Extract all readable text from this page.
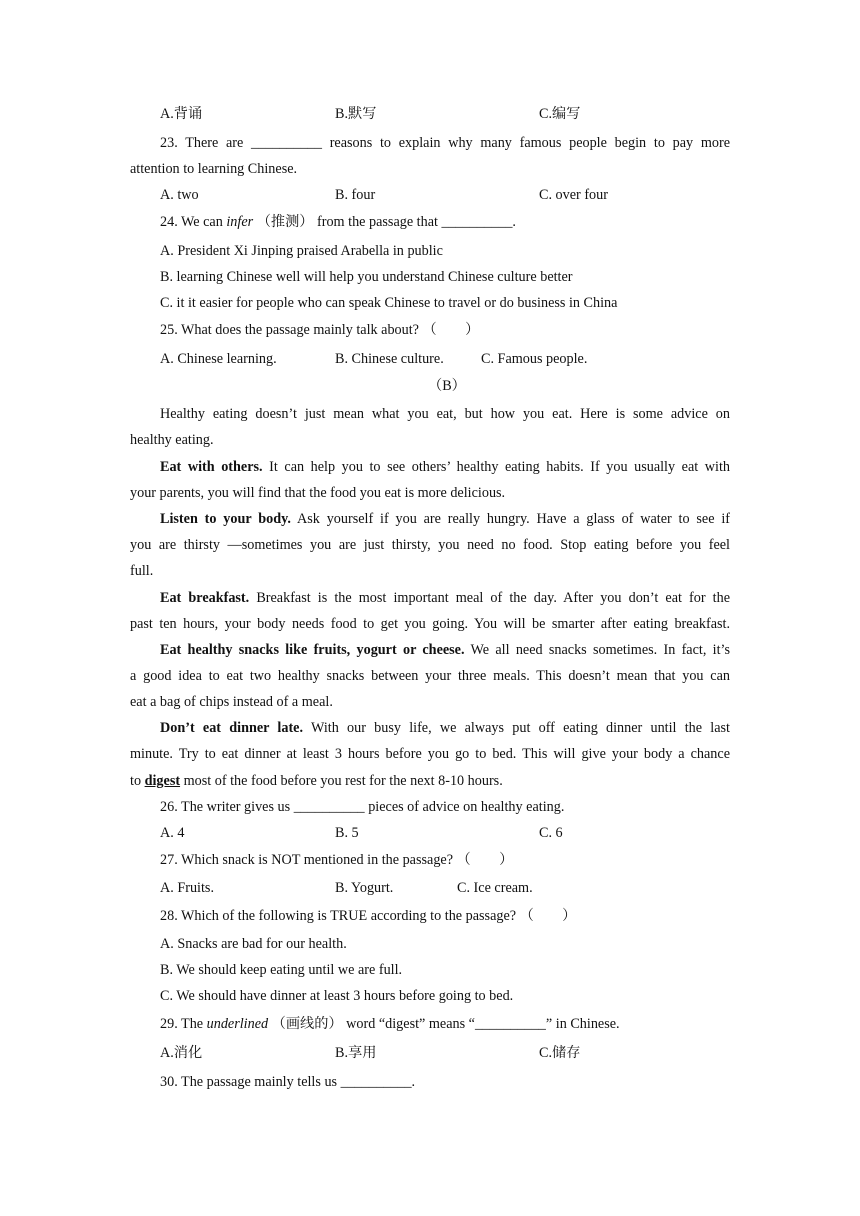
A.背诵	B.默写	C.编写
23. There are __________ reasons to explain why many famous people begin to pay more
attention to learning Chinese.
A. two	B. four	C. over four
24. We can infer （推测） from the passage that __________.
A. President Xi Jinping praised Arabella in public
B. learning Chinese well will help you understand Chinese culture better
C. it it easier for people who can speak Chinese to travel or do business in China
25. What does the passage mainly talk about? （　　）
A. Chinese learning.	B. Chinese culture.	C. Famous people.
（B）
Healthy eating doesn’t just mean what you eat, but how you eat. Here is some advice on
healthy eating.
Eat with others. It can help you to see others’ healthy eating habits. If you usually eat with
your parents, you will find that the food you eat is more delicious.
Listen to your body. Ask yourself if you are really hungry. Have a glass of water to see if
you are thirsty —sometimes you are just thirsty, you need no food. Stop eating before you feel
full.
Eat breakfast. Breakfast is the most important meal of the day. After you don’t eat for the
past ten hours, your body needs food to get you going. You will be smarter after eating breakfast.
Eat healthy snacks like fruits, yogurt or cheese. We all need snacks sometimes. In fact, it’s
a good idea to eat two healthy snacks between your three meals. This doesn’t mean that you can
eat a bag of chips instead of a meal.
Don’t eat dinner late. With our busy life, we always put off eating dinner until the last
minute. Try to eat dinner at least 3 hours before you go to bed. This will give your body a chance
to digest most of the food before you rest for the next 8-10 hours.
26. The writer gives us __________ pieces of advice on healthy eating.
A. 4	B. 5	C. 6
27. Which snack is NOT mentioned in the passage? （　　）
A. Fruits.	B. Yogurt.	C. Ice cream.
28. Which of the following is TRUE according to the passage? （　　）
A. Snacks are bad for our health.
B. We should keep eating until we are full.
C. We should have dinner at least 3 hours before going to bed.
29. The underlined （画线的） word “digest” means “__________” in Chinese.
A.消化	B.享用	C.储存
30. The passage mainly tells us __________.
